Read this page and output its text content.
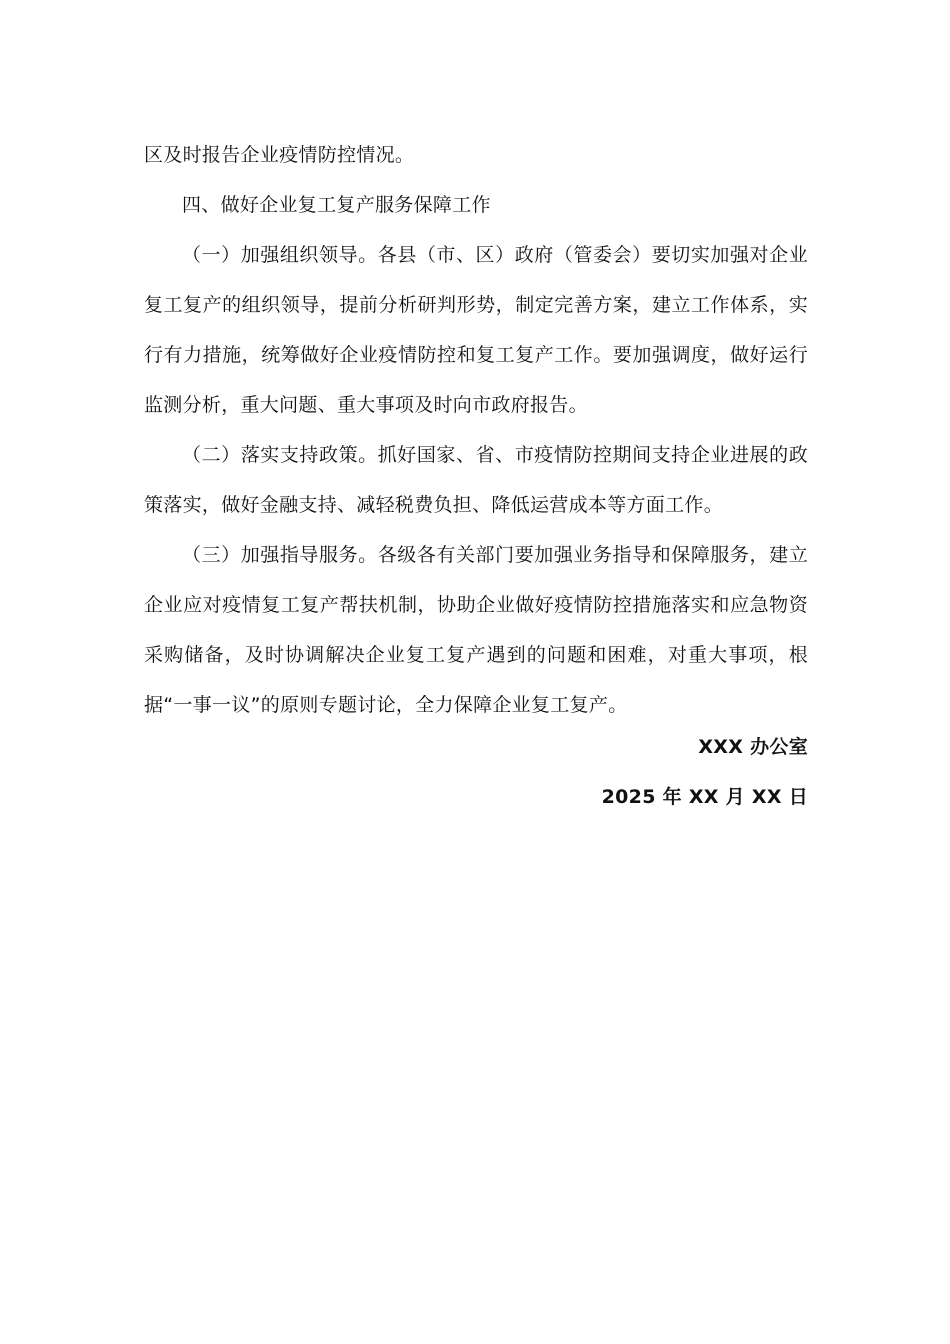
区及时报告企业疫情防控情况。

四、做好企业复工复产服务保障工作

（一）加强组织领导。各县（市、区）政府（管委会）要切实加强对企业复工复产的组织领导，提前分析研判形势，制定完善方案，建立工作体系，实行有力措施，统筹做好企业疫情防控和复工复产工作。要加强调度，做好运行监测分析，重大问题、重大事项及时向市政府报告。

（二）落实支持政策。抓好国家、省、市疫情防控期间支持企业进展的政策落实，做好金融支持、减轻税费负担、降低运营成本等方面工作。

（三）加强指导服务。各级各有关部门要加强业务指导和保障服务，建立企业应对疫情复工复产帮扶机制，协助企业做好疫情防控措施落实和应急物资采购储备，及时协调解决企业复工复产遇到的问题和困难，对重大事项，根据“一事一议”的原则专题讨论，全力保障企业复工复产。

XXX 办公室
2025 年 XX 月 XX 日
